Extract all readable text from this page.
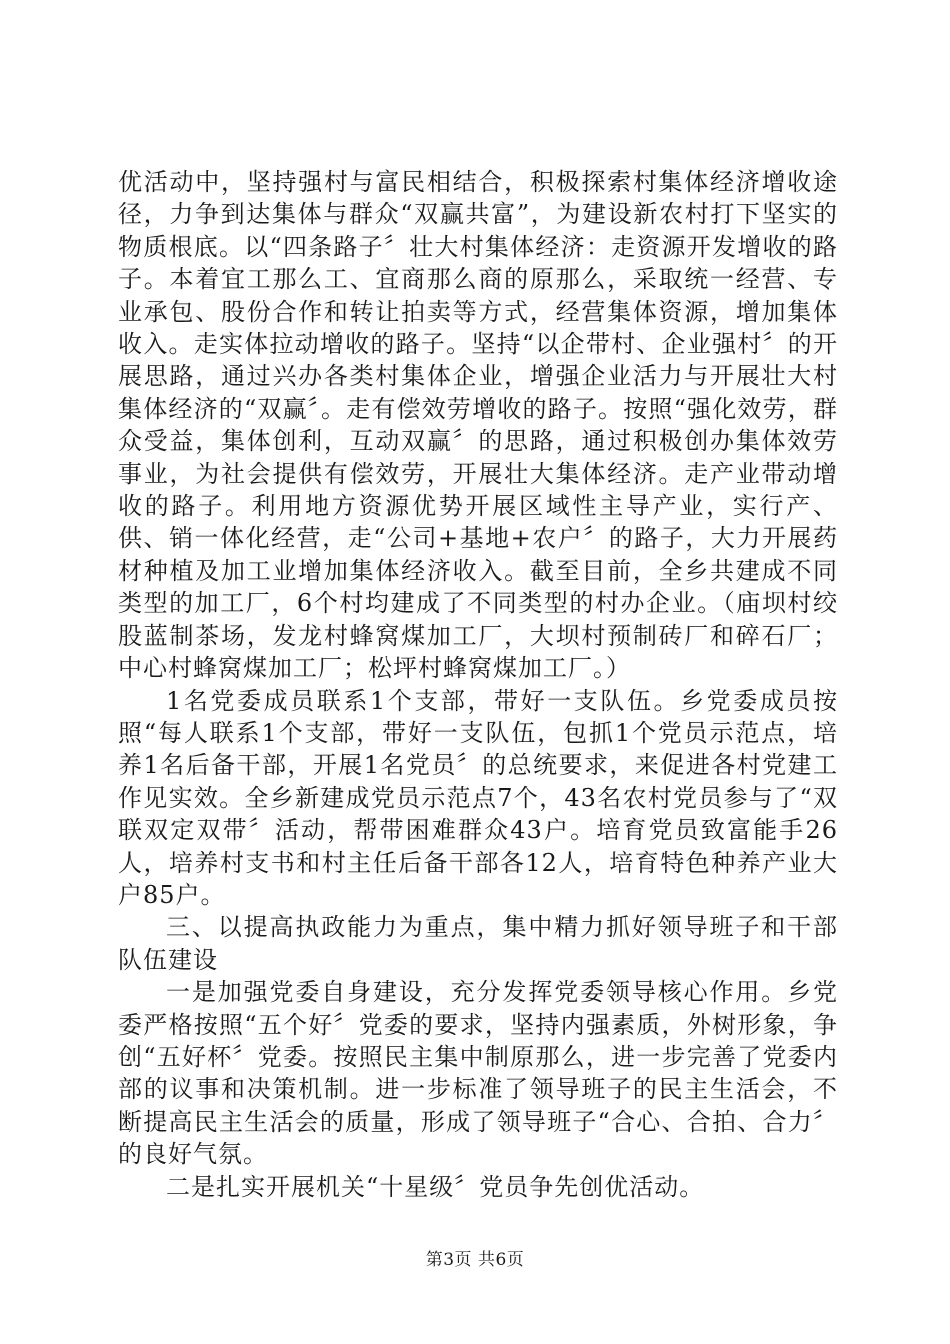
优活动中，坚持强村与富民相结合，积极探索村集体经济增收途径，力争到达集体与群众“双赢共富”，为建设新农村打下坚实的物质根底。以“四条路子〞壮大村集体经济：走资源开发增收的路子。本着宜工那么工、宜商那么商的原那么，采取统一经营、专业承包、股份合作和转让拍卖等方式，经营集体资源，增加集体收入。走实体拉动增收的路子。坚持“以企带村、企业强村〞的开展思路，通过兴办各类村集体企业，增强企业活力与开展壮大村集体经济的“双赢〞。走有偿效劳增收的路子。按照“强化效劳，群众受益，集体创利，互动双赢〞的思路，通过积极创办集体效劳事业，为社会提供有偿效劳，开展壮大集体经济。走产业带动增收的路子。利用地方资源优势开展区域性主导产业，实行产、供、销一体化经营，走“公司+基地+农户〞的路子，大力开展药材种植及加工业增加集体经济收入。截至目前，全乡共建成不同类型的加工厂，6个村均建成了不同类型的村办企业。（庙坝村绞股蓝制茶场，发龙村蜂窝煤加工厂，大坝村预制砖厂和碎石厂；中心村蜂窝煤加工厂；松坪村蜂窝煤加工厂。）

1名党委成员联系1个支部，带好一支队伍。乡党委成员按照“每人联系1个支部，带好一支队伍，包抓1个党员示范点，培养1名后备干部，开展1名党员〞的总统要求，来促进各村党建工作见实效。全乡新建成党员示范点7个，43名农村党员参与了“双联双定双带〞活动，帮带困难群众43户。培育党员致富能手26人，培养村支书和村主任后备干部各12人，培育特色种养产业大户85户。

三、以提高执政能力为重点，集中精力抓好领导班子和干部队伍建设

一是加强党委自身建设，充分发挥党委领导核心作用。乡党委严格按照“五个好〞党委的要求，坚持内强素质，外树形象，争创“五好杯〞党委。按照民主集中制原那么，进一步完善了党委内部的议事和决策机制。进一步标准了领导班子的民主生活会，不断提高民主生活会的质量，形成了领导班子“合心、合拍、合力〞的良好气氛。

二是扎实开展机关“十星级〞党员争先创优活动。

第3页 共6页
